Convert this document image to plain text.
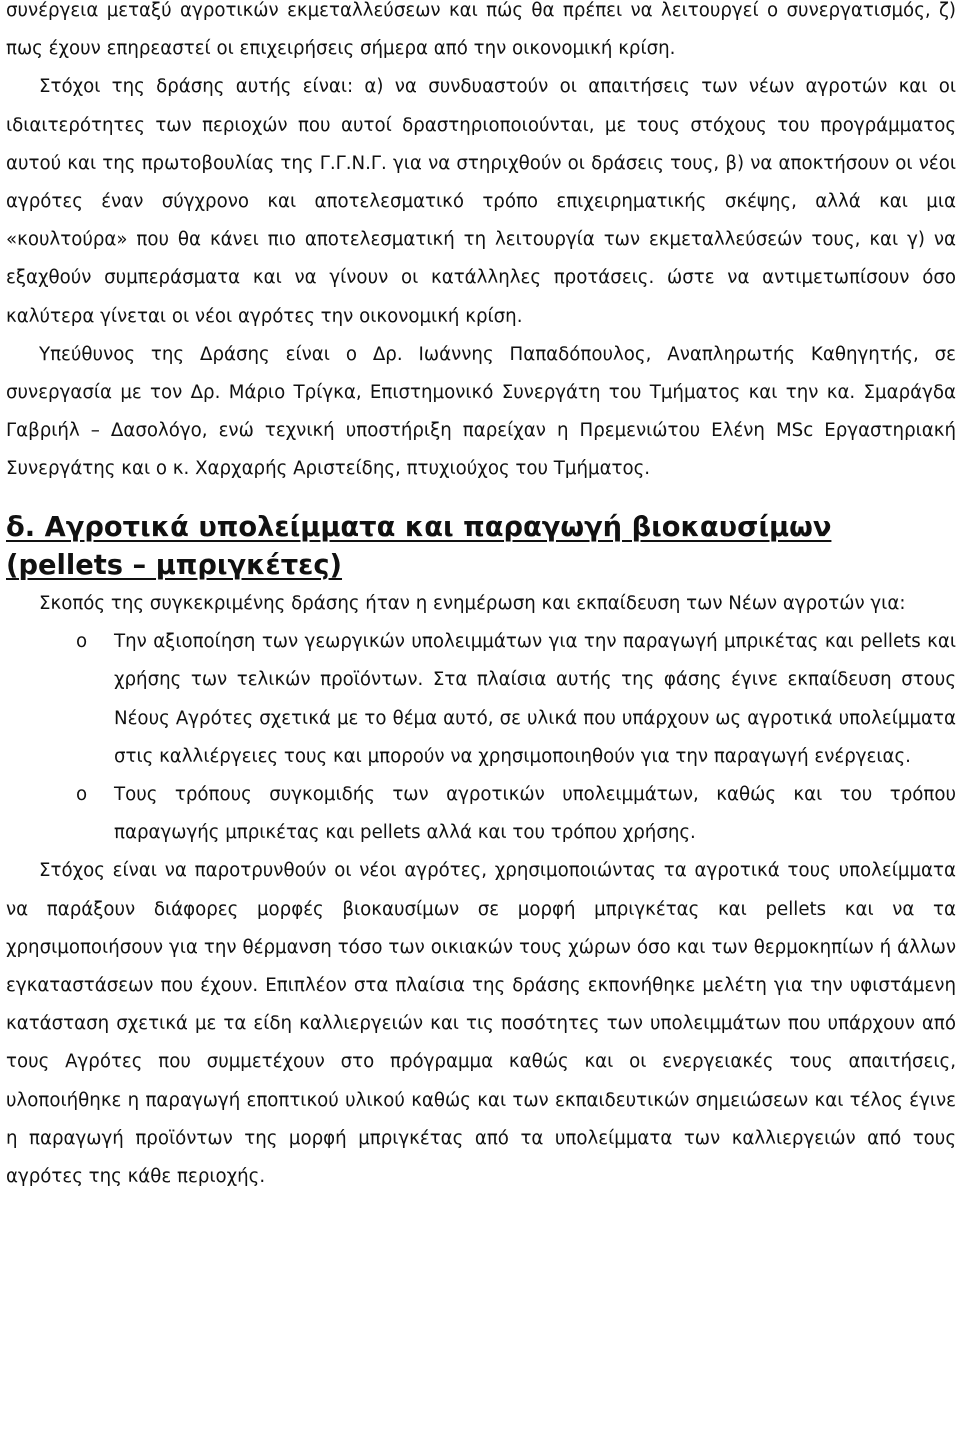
συνέργεια μεταξύ αγροτικών εκμεταλλεύσεων και πώς θα πρέπει να λειτουργεί ο συνεργατισμός, ζ) πως έχουν επηρεαστεί οι επιχειρήσεις σήμερα από την οικονομική κρίση.

Στόχοι της δράσης αυτής είναι: α) να συνδυαστούν οι απαιτήσεις των νέων αγροτών και οι ιδιαιτερότητες των περιοχών που αυτοί δραστηριοποιούνται, με τους στόχους του προγράμματος αυτού και της πρωτοβουλίας της Γ.Γ.Ν.Γ. για να στηριχθούν οι δράσεις τους, β) να αποκτήσουν οι νέοι αγρότες έναν σύγχρονο και αποτελεσματικό τρόπο επιχειρηματικής σκέψης, αλλά και μια «κουλτούρα» που θα κάνει πιο αποτελεσματική τη λειτουργία των εκμεταλλεύσεών τους, και γ) να εξαχθούν συμπεράσματα και να γίνουν οι κατάλληλες προτάσεις. ώστε να αντιμετωπίσουν όσο καλύτερα γίνεται οι νέοι αγρότες την οικονομική κρίση.

Υπεύθυνος της Δράσης είναι ο Δρ. Ιωάννης Παπαδόπουλος, Αναπληρωτής Καθηγητής, σε συνεργασία με τον Δρ. Μάριο Τρίγκα, Επιστημονικό Συνεργάτη του Τμήματος και την κα. Σμαράγδα Γαβριήλ – Δασολόγο, ενώ τεχνική υποστήριξη παρείχαν η Πρεμενιώτου Ελένη MSc Εργαστηριακή Συνεργάτης και ο κ. Χαρχαρής Αριστείδης, πτυχιούχος του Τμήματος.

δ. Αγροτικά υπολείμματα και παραγωγή βιοκαυσίμων (pellets – μπριγκέτες)

Σκοπός της συγκεκριμένης δράσης ήταν η ενημέρωση και εκπαίδευση των Νέων αγροτών για:

o Την αξιοποίηση των γεωργικών υπολειμμάτων για την παραγωγή μπρικέτας και pellets και χρήσης των τελικών προϊόντων. Στα πλαίσια αυτής της φάσης έγινε εκπαίδευση στους Νέους Αγρότες σχετικά με το θέμα αυτό, σε υλικά που υπάρχουν ως αγροτικά υπολείμματα στις καλλιέργειες τους και μπορούν να χρησιμοποιηθούν για την παραγωγή ενέργειας.
o Τους τρόπους συγκομιδής των αγροτικών υπολειμμάτων, καθώς και του τρόπου παραγωγής μπρικέτας και pellets αλλά και του τρόπου χρήσης.

Στόχος είναι να παροτρυνθούν οι νέοι αγρότες, χρησιμοποιώντας τα αγροτικά τους υπολείμματα να παράξουν διάφορες μορφές βιοκαυσίμων σε μορφή μπριγκέτας και pellets και να τα χρησιμοποιήσουν για την θέρμανση τόσο των οικιακών τους χώρων όσο και των θερμοκηπίων ή άλλων εγκαταστάσεων που έχουν. Επιπλέον στα πλαίσια της δράσης εκπονήθηκε μελέτη για την υφιστάμενη κατάσταση σχετικά με τα είδη καλλιεργειών και τις ποσότητες των υπολειμμάτων που υπάρχουν από τους Αγρότες που συμμετέχουν στο πρόγραμμα καθώς και οι ενεργειακές τους απαιτήσεις, υλοποιήθηκε η παραγωγή εποπτικού υλικού καθώς και των εκπαιδευτικών σημειώσεων και τέλος έγινε η παραγωγή προϊόντων της μορφή μπριγκέτας από τα υπολείμματα των καλλιεργειών από τους αγρότες της κάθε περιοχής.
